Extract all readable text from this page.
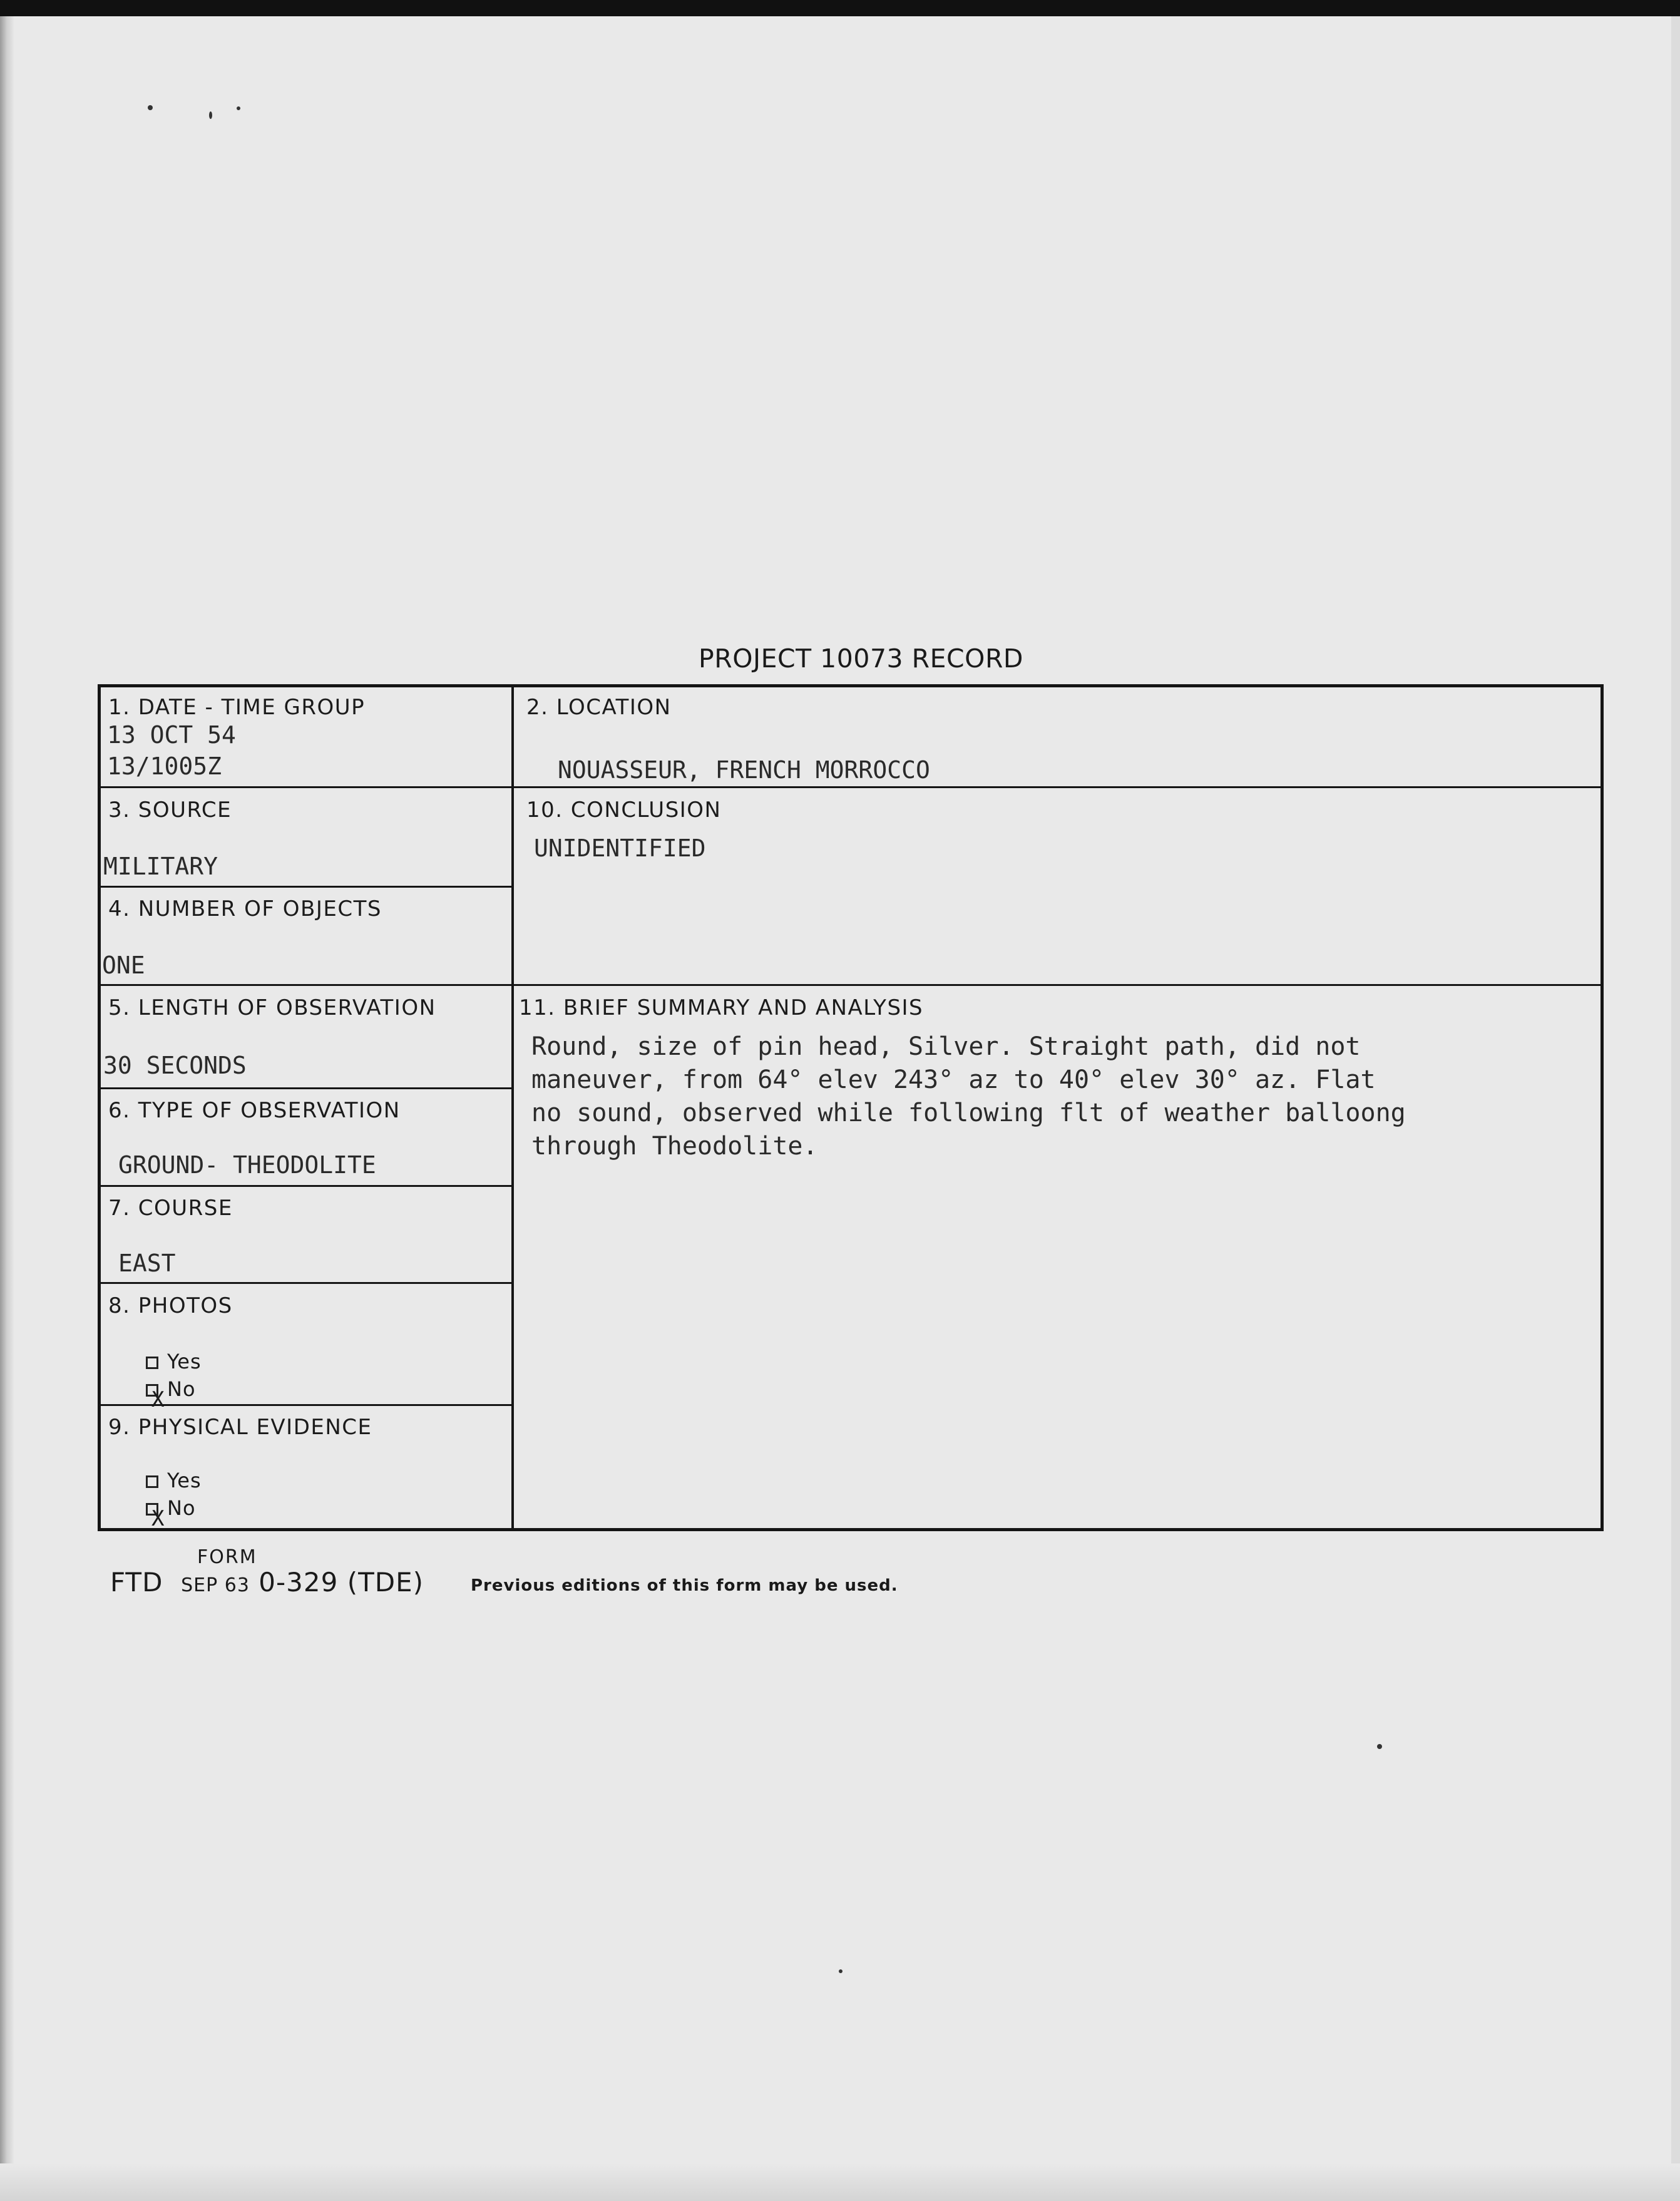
PROJECT 10073 RECORD
1. DATE - TIME GROUP
13 OCT 54
13/1005Z
2. LOCATION
NOUASSEUR, FRENCH MORROCCO
3. SOURCE
MILITARY
10. CONCLUSION
UNIDENTIFIED
4. NUMBER OF OBJECTS
ONE
5. LENGTH OF OBSERVATION
30 SECONDS
11. BRIEF SUMMARY AND ANALYSIS
Round, size of pin head, Silver. Straight path, did not
maneuver, from 64° elev 243° az to 40° elev 30° az. Flat
no sound, observed while following flt of weather balloong
through Theodolite.
6. TYPE OF OBSERVATION
GROUND- THEODOLITE
7. COURSE
EAST
8. PHOTOS
Yes
X No
9. PHYSICAL EVIDENCE
Yes
X No
FORM
FTD SEP 63 0-329 (TDE)	Previous editions of this form may be used.
